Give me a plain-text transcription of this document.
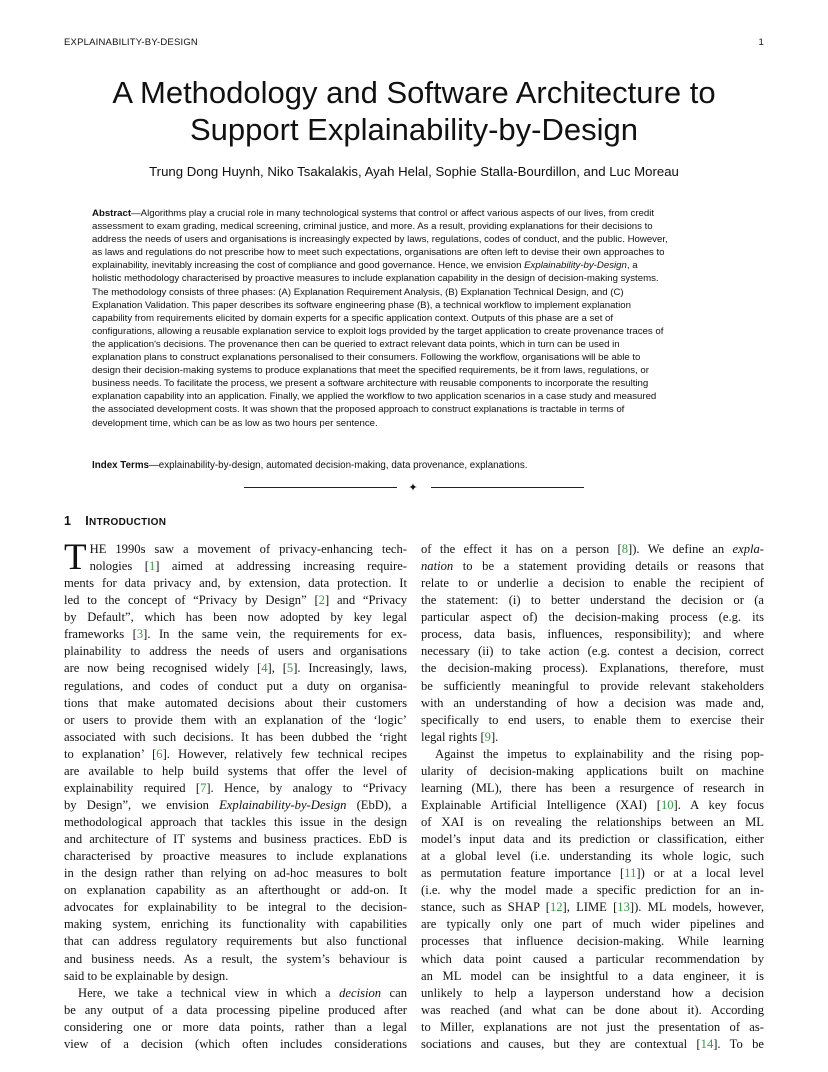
EXPLAINABILITY-BY-DESIGN	1
A Methodology and Software Architecture to
Support Explainability-by-Design
Trung Dong Huynh, Niko Tsakalakis, Ayah Helal, Sophie Stalla-Bourdillon, and Luc Moreau
Abstract—Algorithms play a crucial role in many technological systems that control or affect various aspects of our lives, from credit
assessment to exam grading, medical screening, criminal justice, and more. As a result, providing explanations for their decisions to
address the needs of users and organisations is increasingly expected by laws, regulations, codes of conduct, and the public. However,
as laws and regulations do not prescribe how to meet such expectations, organisations are often left to devise their own approaches to
explainability, inevitably increasing the cost of compliance and good governance. Hence, we envision Explainability-by-Design, a
holistic methodology characterised by proactive measures to include explanation capability in the design of decision-making systems.
The methodology consists of three phases: (A) Explanation Requirement Analysis, (B) Explanation Technical Design, and (C)
Explanation Validation. This paper describes its software engineering phase (B), a technical workflow to implement explanation
capability from requirements elicited by domain experts for a specific application context. Outputs of this phase are a set of
configurations, allowing a reusable explanation service to exploit logs provided by the target application to create provenance traces of
the application's decisions. The provenance then can be queried to extract relevant data points, which in turn can be used in
explanation plans to construct explanations personalised to their consumers. Following the workflow, organisations will be able to
design their decision-making systems to produce explanations that meet the specified requirements, be it from laws, regulations, or
business needs. To facilitate the process, we present a software architecture with reusable components to incorporate the resulting
explanation capability into an application. Finally, we applied the workflow to two application scenarios in a case study and measured
the associated development costs. It was shown that the proposed approach to construct explanations is tractable in terms of
development time, which can be as low as two hours per sentence.
Index Terms—explainability-by-design, automated decision-making, data provenance, explanations.
✦
1 INTRODUCTION

T HE 1990s saw a movement of privacy-enhancing tech-
nologies [1] aimed at addressing increasing require-
ments for data privacy and, by extension, data protection. It
led to the concept of “Privacy by Design” [2] and “Privacy
by Default”, which has been now adopted by key legal
frameworks [3]. In the same vein, the requirements for ex-
plainability to address the needs of users and organisations
are now being recognised widely [4], [5]. Increasingly, laws,
regulations, and codes of conduct put a duty on organisa-
tions that make automated decisions about their customers
or users to provide them with an explanation of the ‘logic’
associated with such decisions. It has been dubbed the ‘right
to explanation’ [6]. However, relatively few technical recipes
are available to help build systems that offer the level of
explainability required [7]. Hence, by analogy to “Privacy
by Design”, we envision Explainability-by-Design (EbD), a
methodological approach that tackles this issue in the design
and architecture of IT systems and business practices. EbD is
characterised by proactive measures to include explanations
in the design rather than relying on ad-hoc measures to bolt
on explanation capability as an afterthought or add-on. It
advocates for explainability to be integral to the decision-
making system, enriching its functionality with capabilities
that can address regulatory requirements but also functional
and business needs. As a result, the system’s behaviour is
said to be explainable by design.

Here, we take a technical view in which a decision can
be any output of a data processing pipeline produced after
considering one or more data points, rather than a legal
view of a decision (which often includes considerations

of the effect it has on a person [8]). We define an expla-
nation to be a statement providing details or reasons that
relate to or underlie a decision to enable the recipient of
the statement: (i) to better understand the decision or (a
particular aspect of) the decision-making process (e.g. its
process, data basis, influences, responsibility); and where
necessary (ii) to take action (e.g. contest a decision, correct
the decision-making process). Explanations, therefore, must
be sufficiently meaningful to provide relevant stakeholders
with an understanding of how a decision was made and,
specifically to end users, to enable them to exercise their
legal rights [9].

Against the impetus to explainability and the rising pop-
ularity of decision-making applications built on machine
learning (ML), there has been a resurgence of research in
Explainable Artificial Intelligence (XAI) [10]. A key focus
of XAI is on revealing the relationships between an ML
model’s input data and its prediction or classification, either
at a global level (i.e. understanding its whole logic, such
as permutation feature importance [11]) or at a local level
(i.e. why the model made a specific prediction for an in-
stance, such as SHAP [12], LIME [13]). ML models, however,
are typically only one part of much wider pipelines and
processes that influence decision-making. While learning
which data point caused a particular recommendation by
an ML model can be insightful to a data engineer, it is
unlikely to help a layperson understand how a decision
was reached (and what can be done about it). According
to Miller, explanations are not just the presentation of as-
sociations and causes, but they are contextual [14]. To be
